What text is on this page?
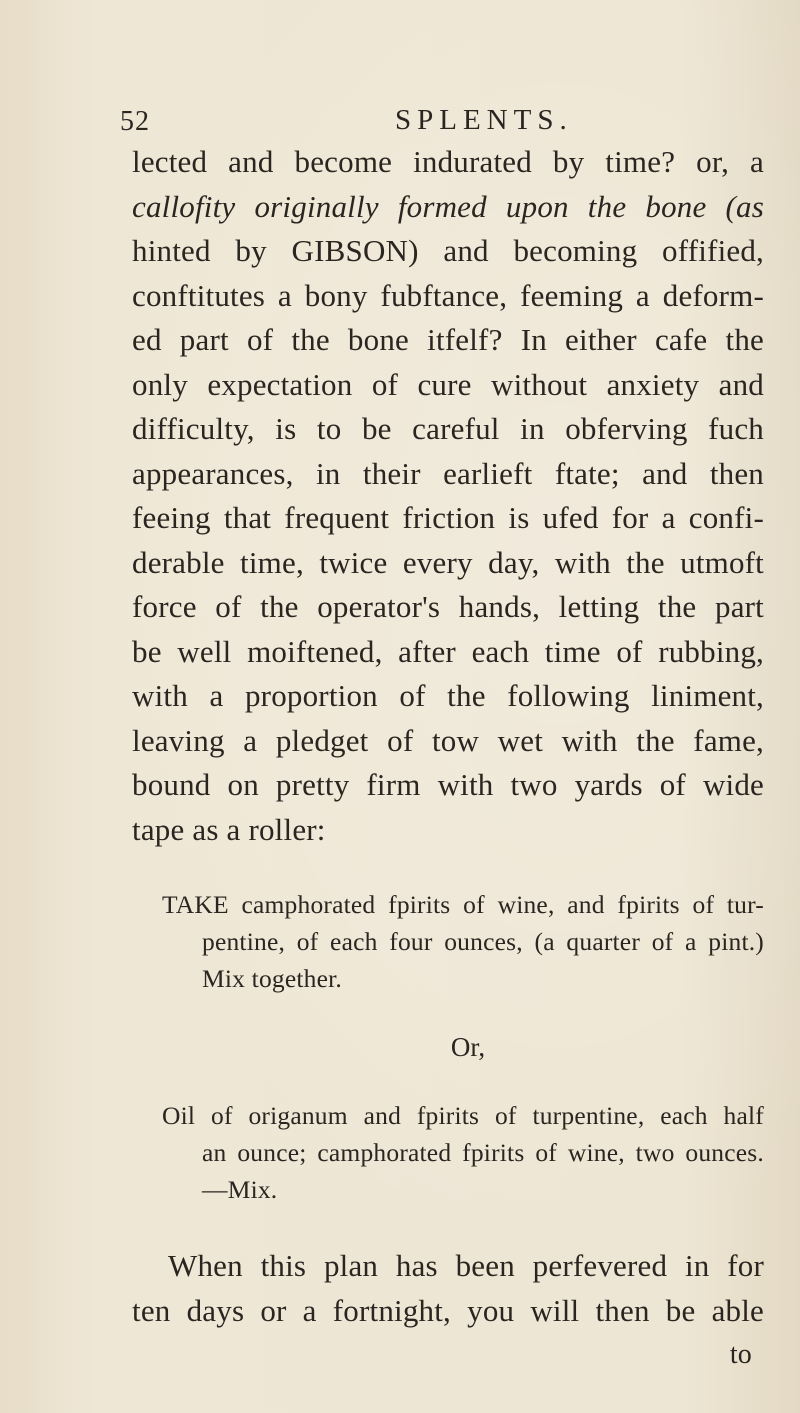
52	SPLENTS.
lected and become indurated by time? or, a
callofity originally formed upon the bone (as
hinted by GIBSON) and becoming offified,
conftitutes a bony fubftance, feeming a deform-
ed part of the bone itfelf? In either cafe the
only expectation of cure without anxiety and
difficulty, is to be careful in obferving fuch
appearances, in their earlieft ftate; and then
feeing that frequent friction is ufed for a confi-
derable time, twice every day, with the utmoft
force of the operator's hands, letting the part
be well moiftened, after each time of rubbing,
with a proportion of the following liniment,
leaving a pledget of tow wet with the fame,
bound on pretty firm with two yards of wide
tape as a roller:
TAKE camphorated fpirits of wine, and fpirits of tur-
pentine, of each four ounces, (a quarter of a pint.)
Mix together.
Or,
Oil of origanum and fpirits of turpentine, each half
an ounce; camphorated fpirits of wine, two ounces.
—Mix.
When this plan has been perfevered in for
ten days or a fortnight, you will then be able
to
